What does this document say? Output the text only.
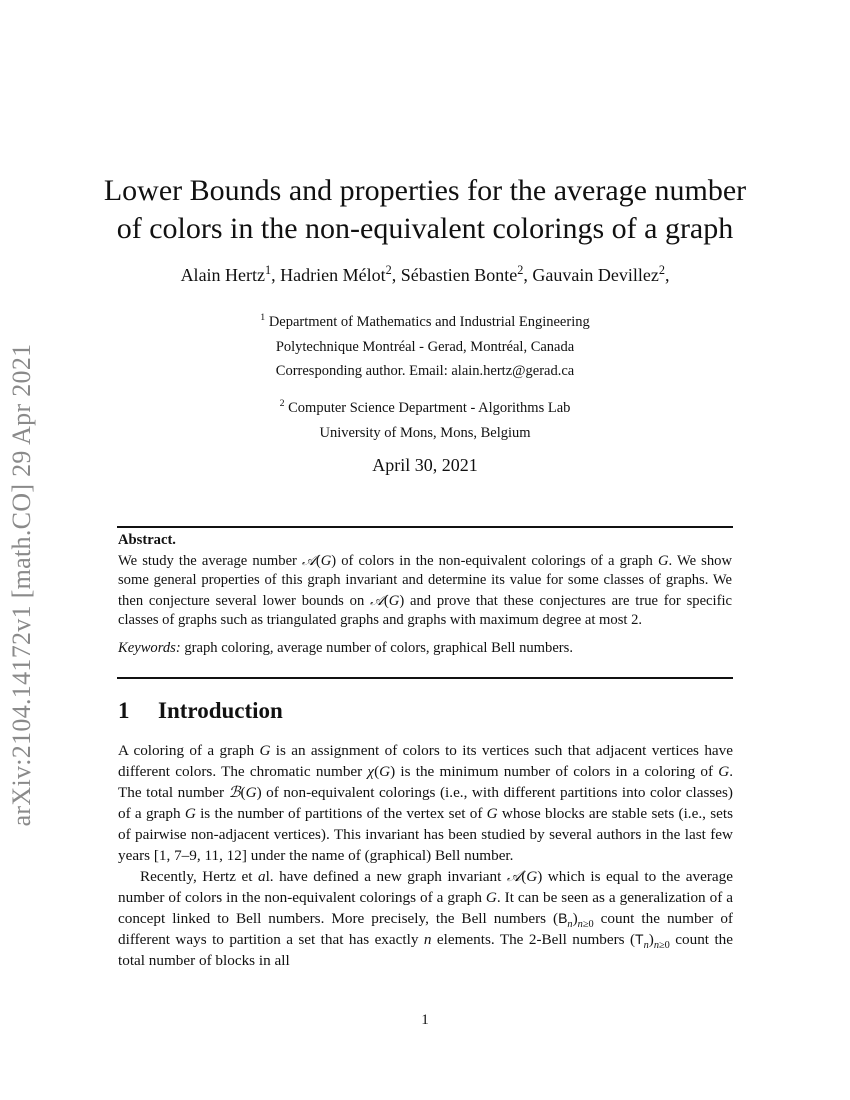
arXiv:2104.14172v1 [math.CO] 29 Apr 2021
Lower Bounds and properties for the average number
of colors in the non-equivalent colorings of a graph
Alain Hertz$^1$, Hadrien Mélot$^2$, Sébastien Bonte$^2$, Gauvain Devillez$^2$,
$^1$ Department of Mathematics and Industrial Engineering
Polytechnique Montréal - Gerad, Montréal, Canada
Corresponding author. Email: alain.hertz@gerad.ca
$^2$ Computer Science Department - Algorithms Lab
University of Mons, Mons, Belgium
April 30, 2021
Abstract.
We study the average number 𝒜(G) of colors in the non-equivalent colorings of a graph G. We show some general properties of this graph invariant and determine its value for some classes of graphs. We then conjecture several lower bounds on 𝒜(G) and prove that these conjectures are true for specific classes of graphs such as triangulated graphs and graphs with maximum degree at most 2.
Keywords: graph coloring, average number of colors, graphical Bell numbers.
1 Introduction

A coloring of a graph G is an assignment of colors to its vertices such that adjacent vertices have different colors. The chromatic number χ(G) is the minimum number of colors in a coloring of G. The total number ℬ(G) of non-equivalent colorings (i.e., with different partitions into color classes) of a graph G is the number of partitions of the vertex set of G whose blocks are stable sets (i.e., sets of pairwise non-adjacent vertices). This invariant has been studied by several authors in the last few years [1, 7–9, 11, 12] under the name of (graphical) Bell number.

Recently, Hertz et al. have defined a new graph invariant 𝒜(G) which is equal to the average number of colors in the non-equivalent colorings of a graph G. It can be seen as a generalization of a concept linked to Bell numbers. More precisely, the Bell numbers $(B_n)_{n\ge 0}$ count the number of different ways to partition a set that has exactly n elements. The 2-Bell numbers $(T_n)_{n\ge 0}$ count the total number of blocks in all

1
